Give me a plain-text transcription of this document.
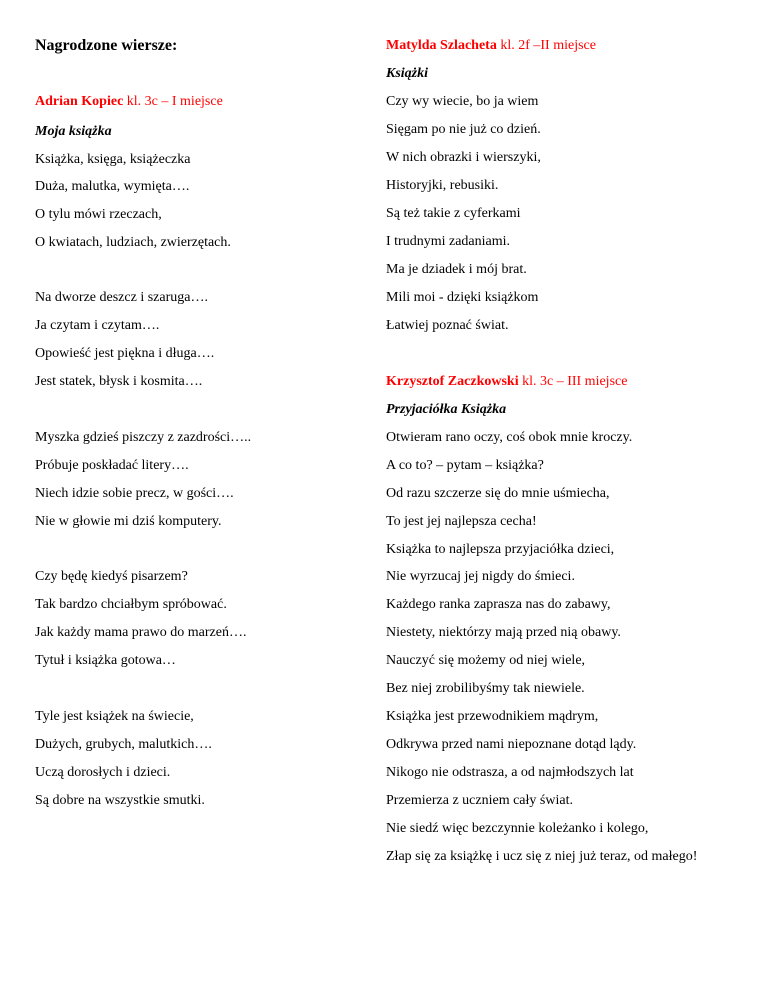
Nagrodzone wiersze:
Adrian Kopiec kl. 3c – I miejsce
Moja książka
Książka, księga, książeczka
Duża, malutka, wymięta….
O tylu mówi rzeczach,
O kwiatach, ludziach, zwierzętach.
Na dworze deszcz i szaruga….
Ja czytam i czytam….
Opowieść jest piękna i długa….
Jest statek, błysk i kosmita….
Myszka gdzieś piszczy z zazdrości…..
Próbuje poskładać litery….
Niech idzie sobie precz, w gości….
Nie w głowie mi dziś komputery.
Czy będę kiedyś pisarzem?
Tak bardzo chciałbym spróbować.
Jak każdy mama prawo do marzeń….
Tytuł i książka gotowa…
Tyle jest książek na świecie,
Dużych, grubych, malutkich….
Uczą dorosłych i dzieci.
Są dobre na wszystkie smutki.
Matylda Szlacheta kl. 2f –II miejsce
Książki
Czy wy wiecie, bo ja wiem
Sięgam po nie już co dzień.
W nich obrazki i wierszyki,
Historyjki, rebusiki.
Są też takie z cyferkami
I trudnymi zadaniami.
Ma je dziadek i mój brat.
Mili moi - dzięki książkom
Łatwiej poznać świat.
Krzysztof Zaczkowski kl. 3c – III miejsce
Przyjaciółka Książka
Otwieram rano oczy, coś obok mnie kroczy.
A co to? – pytam – książka?
Od razu szczerze się do mnie uśmiecha,
To jest jej najlepsza cecha!
Książka to najlepsza przyjaciółka dzieci,
Nie wyrzucaj jej nigdy do śmieci.
Każdego ranka zaprasza nas do zabawy,
Niestety, niektórzy mają przed nią obawy.
Nauczyć się możemy od niej wiele,
Bez niej zrobilibyśmy tak niewiele.
Książka jest przewodnikiem mądrym,
Odkrywa przed nami niepoznane dotąd lądy.
Nikogo nie odstrasza, a od najmłodszych lat
Przemierza z uczniem cały świat.
Nie siedź więc bezczynnie koleżanko i kolego,
Złap się za książkę i ucz się z niej już teraz, od małego!
